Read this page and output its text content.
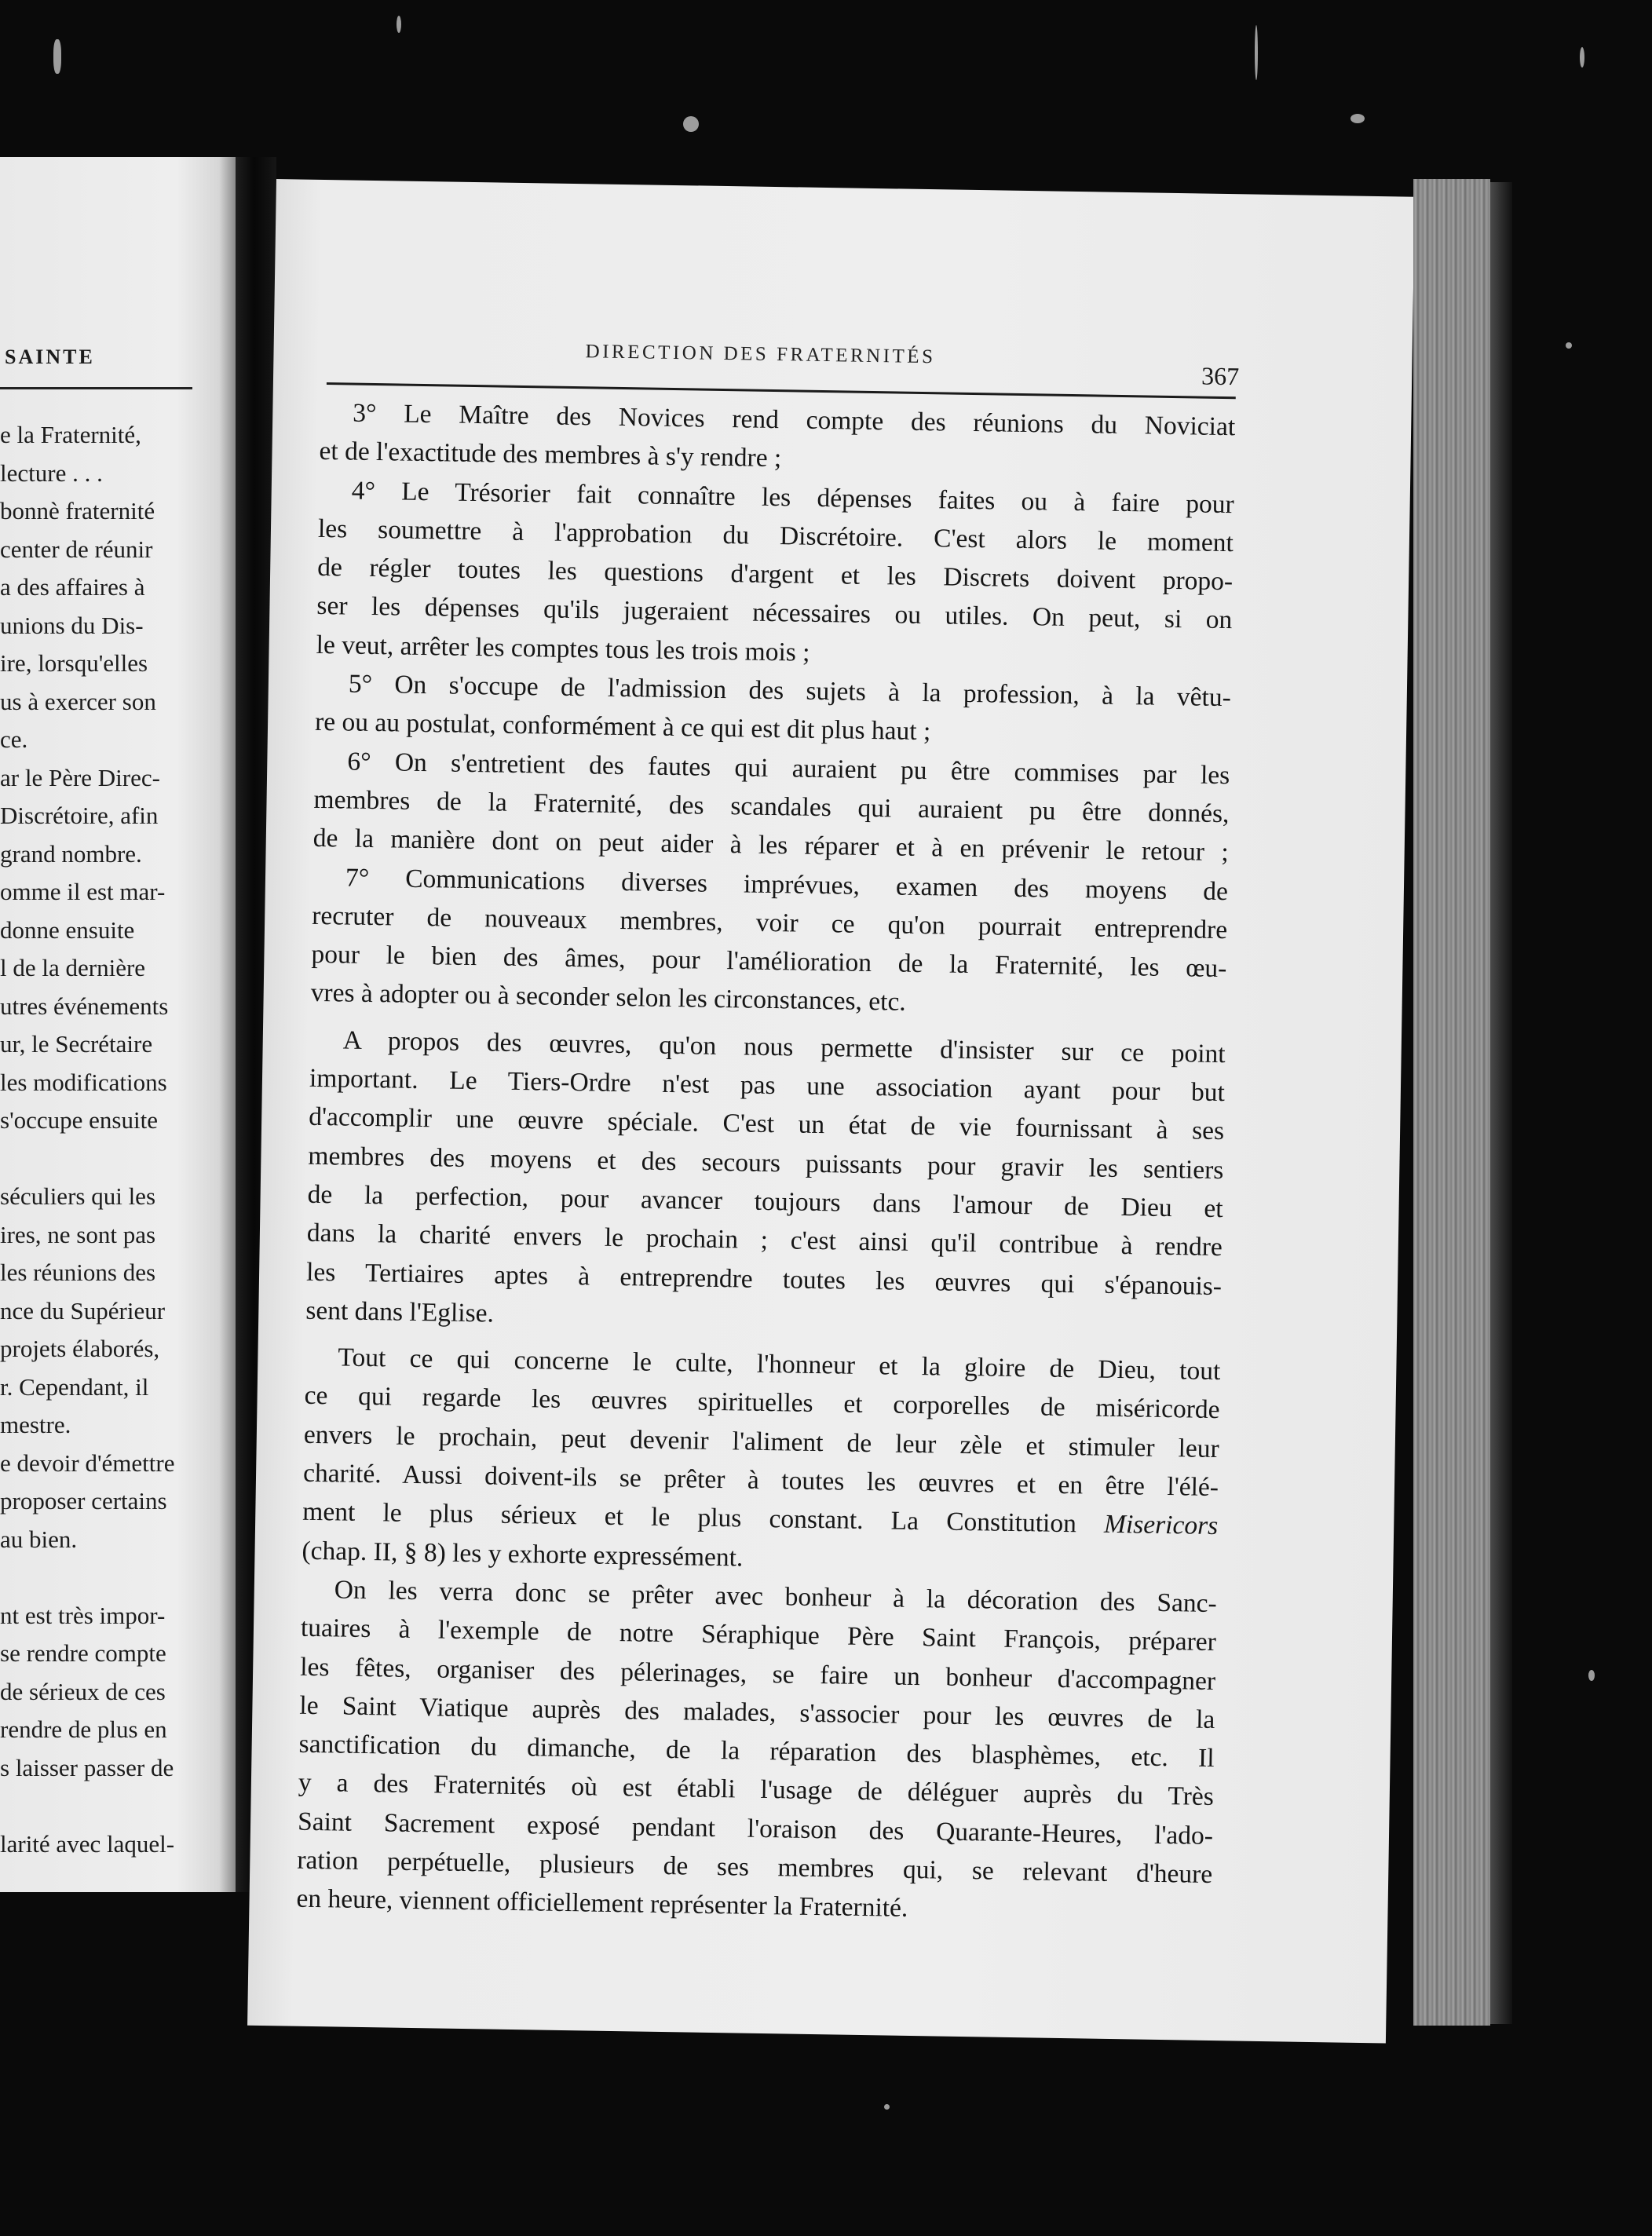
SAINTE
e la Fraternité,
lecture . . .
bonnè fraternité
center de réunir
a des affaires à
unions du Dis-
ire, lorsqu'elles
us à exercer son
ce.
ar le Père Direc-
Discrétoire, afin
grand nombre.
omme il est mar-
donne ensuite
l de la dernière
utres événements
ur, le Secrétaire
les modifications
s'occupe ensuite
séculiers qui les
ires, ne sont pas
les réunions des
nce du Supérieur
projets élaborés,
r. Cependant, il
mestre.
e devoir d'émettre
proposer certains
au bien.
nt est très impor-
se rendre compte
de sérieux de ces
rendre de plus en
s laisser passer de
larité avec laquel-
DIRECTION DES FRATERNITÉS
367
3° Le Maître des Novices rend compte des réunions du Noviciat
et de l'exactitude des membres à s'y rendre ;
4° Le Trésorier fait connaître les dépenses faites ou à faire pour
les soumettre à l'approbation du Discrétoire. C'est alors le moment
de régler toutes les questions d'argent et les Discrets doivent propo-
ser les dépenses qu'ils jugeraient nécessaires ou utiles. On peut, si on
le veut, arrêter les comptes tous les trois mois ;
5° On s'occupe de l'admission des sujets à la profession, à la vêtu-
re ou au postulat, conformément à ce qui est dit plus haut ;
6° On s'entretient des fautes qui auraient pu être commises par les
membres de la Fraternité, des scandales qui auraient pu être donnés,
de la manière dont on peut aider à les réparer et à en prévenir le retour ;
7° Communications diverses imprévues, examen des moyens de
recruter de nouveaux membres, voir ce qu'on pourrait entreprendre
pour le bien des âmes, pour l'amélioration de la Fraternité, les œu-
vres à adopter ou à seconder selon les circonstances, etc.
A propos des œuvres, qu'on nous permette d'insister sur ce point
important. Le Tiers-Ordre n'est pas une association ayant pour but
d'accomplir une œuvre spéciale. C'est un état de vie fournissant à ses
membres des moyens et des secours puissants pour gravir les sentiers
de la perfection, pour avancer toujours dans l'amour de Dieu et
dans la charité envers le prochain ; c'est ainsi qu'il contribue à rendre
les Tertiaires aptes à entreprendre toutes les œuvres qui s'épanouis-
sent dans l'Eglise.
Tout ce qui concerne le culte, l'honneur et la gloire de Dieu, tout
ce qui regarde les œuvres spirituelles et corporelles de miséricorde
envers le prochain, peut devenir l'aliment de leur zèle et stimuler leur
charité. Aussi doivent-ils se prêter à toutes les œuvres et en être l'élé-
ment le plus sérieux et le plus constant. La Constitution Misericors
(chap. II, § 8) les y exhorte expressément.
On les verra donc se prêter avec bonheur à la décoration des Sanc-
tuaires à l'exemple de notre Séraphique Père Saint François, préparer
les fêtes, organiser des pélerinages, se faire un bonheur d'accompagner
le Saint Viatique auprès des malades, s'associer pour les œuvres de la
sanctification du dimanche, de la réparation des blasphèmes, etc. Il
y a des Fraternités où est établi l'usage de déléguer auprès du Très
Saint Sacrement exposé pendant l'oraison des Quarante-Heures, l'ado-
ration perpétuelle, plusieurs de ses membres qui, se relevant d'heure
en heure, viennent officiellement représenter la Fraternité.
